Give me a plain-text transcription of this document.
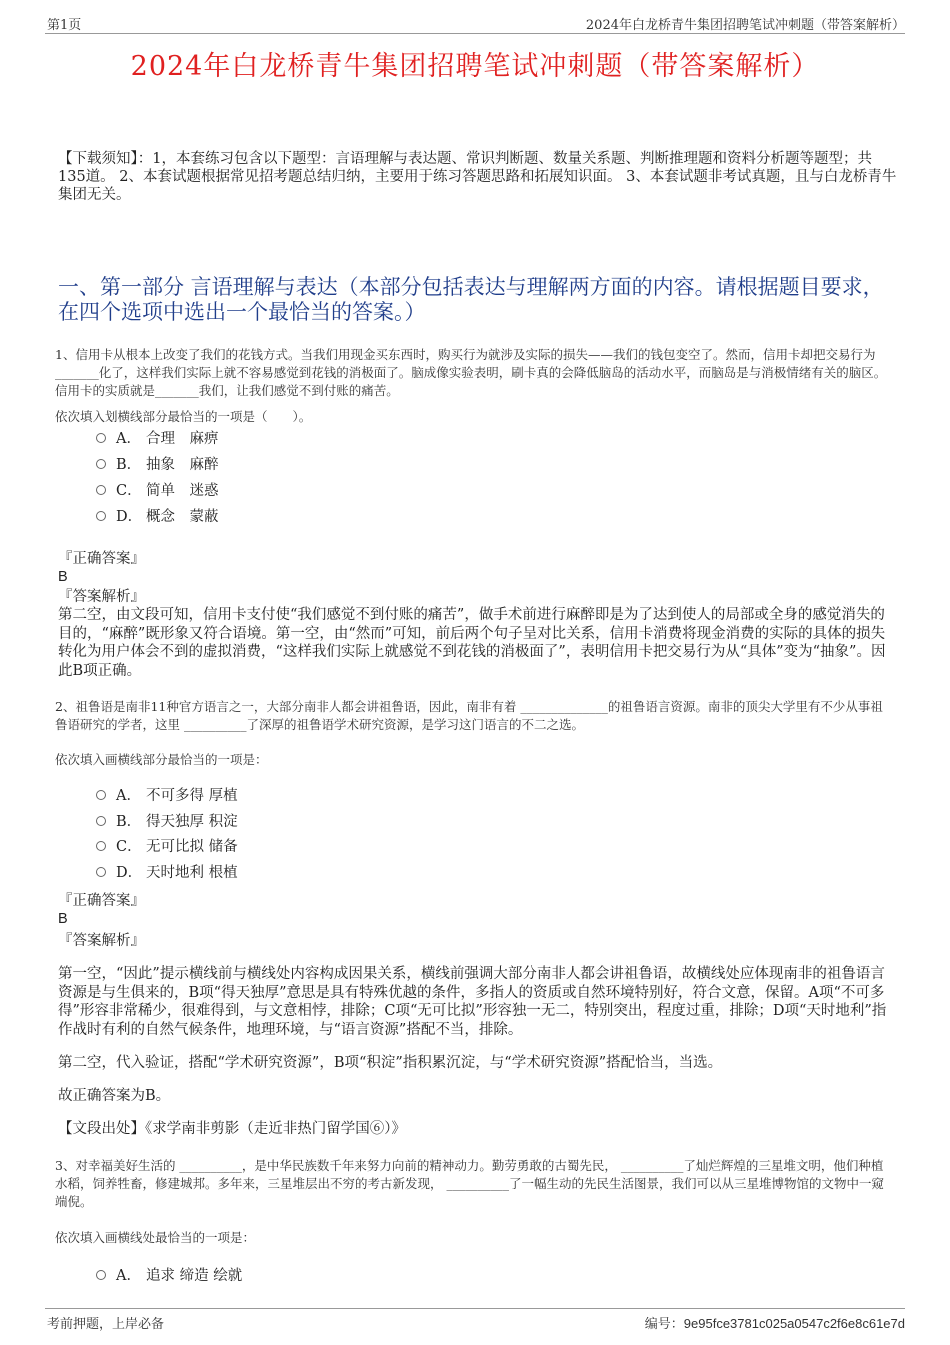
第1页	2024年白龙桥青牛集团招聘笔试冲刺题（带答案解析）
2024年白龙桥青牛集团招聘笔试冲刺题（带答案解析）
【下载须知】：1，本套练习包含以下题型：言语理解与表达题、常识判断题、数量关系题、判断推理题和资料分析题等题型；共135道。 2、本套试题根据常见招考题总结归纳，主要用于练习答题思路和拓展知识面。 3、本套试题非考试真题，且与白龙桥青牛集团无关。
一、第一部分 言语理解与表达（本部分包括表达与理解两方面的内容。请根据题目要求，在四个选项中选出一个最恰当的答案。）
1、信用卡从根本上改变了我们的花钱方式。当我们用现金买东西时，购买行为就涉及实际的损失——我们的钱包变空了。然而，信用卡却把交易行为_______化了，这样我们实际上就不容易感觉到花钱的消极面了。脑成像实验表明，刷卡真的会降低脑岛的活动水平，而脑岛是与消极情绪有关的脑区。信用卡的实质就是_______我们，让我们感觉不到付账的痛苦。
依次填入划横线部分最恰当的一项是（　　）。
A． 合理　麻痹
B． 抽象　麻醉
C． 简单　迷惑
D． 概念　蒙蔽
『正确答案』
B
『答案解析』
第二空，由文段可知，信用卡支付使“我们感觉不到付账的痛苦”，做手术前进行麻醉即是为了达到使人的局部或全身的感觉消失的目的，“麻醉”既形象又符合语境。第一空，由“然而”可知，前后两个句子呈对比关系，信用卡消费将现金消费的实际的具体的损失转化为用户体会不到的虚拟消费，“这样我们实际上就感觉不到花钱的消极面了”，表明信用卡把交易行为从“具体”变为“抽象”。因此B项正确。
2、祖鲁语是南非11种官方语言之一，大部分南非人都会讲祖鲁语，因此，南非有着 ______________的祖鲁语言资源。南非的顶尖大学里有不少从事祖鲁语研究的学者，这里 __________了深厚的祖鲁语学术研究资源，是学习这门语言的不二之选。
依次填入画横线部分最恰当的一项是：
A． 不可多得 厚植
B． 得天独厚 积淀
C． 无可比拟 储备
D． 天时地利 根植
『正确答案』
B
『答案解析』
第一空，“因此”提示横线前与横线处内容构成因果关系，横线前强调大部分南非人都会讲祖鲁语，故横线处应体现南非的祖鲁语言资源是与生俱来的，B项“得天独厚”意思是具有特殊优越的条件，多指人的资质或自然环境特别好，符合文意，保留。A项“不可多得”形容非常稀少，很难得到，与文意相悖，排除；C项“无可比拟”形容独一无二，特别突出，程度过重，排除；D项“天时地利”指作战时有利的自然气候条件，地理环境，与“语言资源”搭配不当，排除。
第二空，代入验证，搭配“学术研究资源”，B项“积淀”指积累沉淀，与“学术研究资源”搭配恰当，当选。
故正确答案为B。
【文段出处】《求学南非剪影（走近非热门留学国⑥）》
3、对幸福美好生活的 __________，是中华民族数千年来努力向前的精神动力。勤劳勇敢的古蜀先民， __________了灿烂辉煌的三星堆文明，他们种植水稻，饲养牲畜，修建城邦。多年来，三星堆层出不穷的考古新发现， __________了一幅生动的先民生活图景，我们可以从三星堆博物馆的文物中一窥端倪。
依次填入画横线处最恰当的一项是：
A． 追求 缔造 绘就
考前押题，上岸必备	编号：9e95fce3781c025a0547c2f6e8c61e7d
